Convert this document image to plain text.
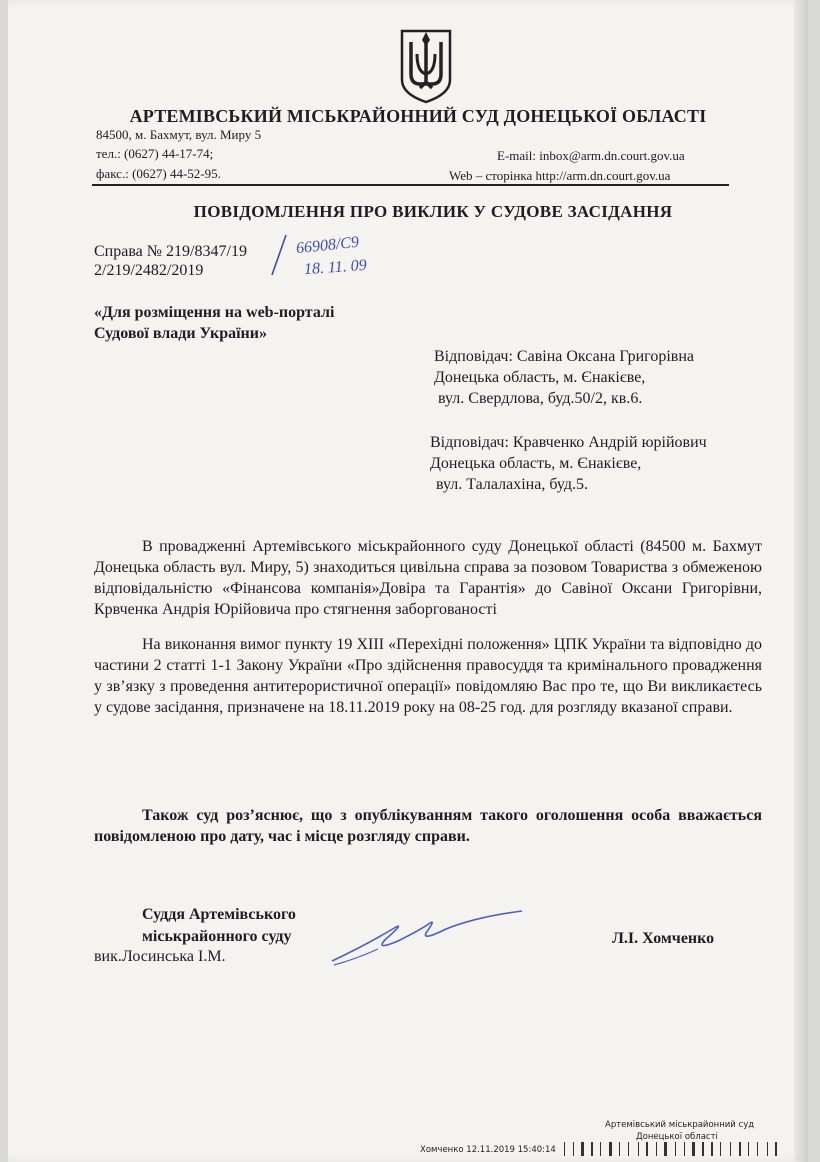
АРТЕМІВСЬКИЙ МІСЬКРАЙОННИЙ СУД ДОНЕЦЬКОЇ ОБЛАСТІ
84500, м. Бахмут, вул. Миру 5
тел.: (0627) 44-17-74;
факс.: (0627) 44-52-95.
E-mail: inbox@arm.dn.court.gov.ua
Web – сторінка http://arm.dn.court.gov.ua
ПОВІДОМЛЕННЯ ПРО ВИКЛИК У СУДОВЕ ЗАСІДАННЯ
Справа № 219/8347/19
2/219/2482/2019
66908/С9
18. 11. 09
«Для розміщення на web-порталі
Судової влади України»
Відповідач: Савіна Оксана Григорівна
Донецька область, м. Єнакієве,
вул. Свердлова, буд.50/2, кв.6.
Відповідач: Кравченко Андрій юрійович
Донецька область, м. Єнакієве,
вул. Талалахіна, буд.5.
В провадженні Артемівського міськрайонного суду Донецької області (84500 м. Бахмут Донецька область вул. Миру, 5) знаходиться цивільна справа за позовом Товариства з обмеженою відповідальністю «Фінансова компанія»Довіра та Гарантія» до Савіної Оксани Григорівни, Крвченка Андрія Юрійовича про стягнення заборгованості
На виконання вимог пункту 19 ХIII «Перехідні положення» ЦПК України та відповідно до частини 2 статті 1-1 Закону України «Про здійснення правосуддя та кримінального провадження у зв’язку з проведення антитерористичної операції» повідомляю Вас про те, що Ви викликаєтесь у судове засідання, призначене на 18.11.2019 року на 08-25 год. для розгляду вказаної справи.
Також суд роз’яснює, що з опублікуванням такого оголошення особа вважається повідомленою про дату, час і місце розгляду справи.
Суддя Артемівського
міськрайонного суду
вик.Лосинська І.М.
Л.І. Хомченко
Артемівський міськрайонний суд
Донецької області
Хомченко 12.11.2019 15:40:14
